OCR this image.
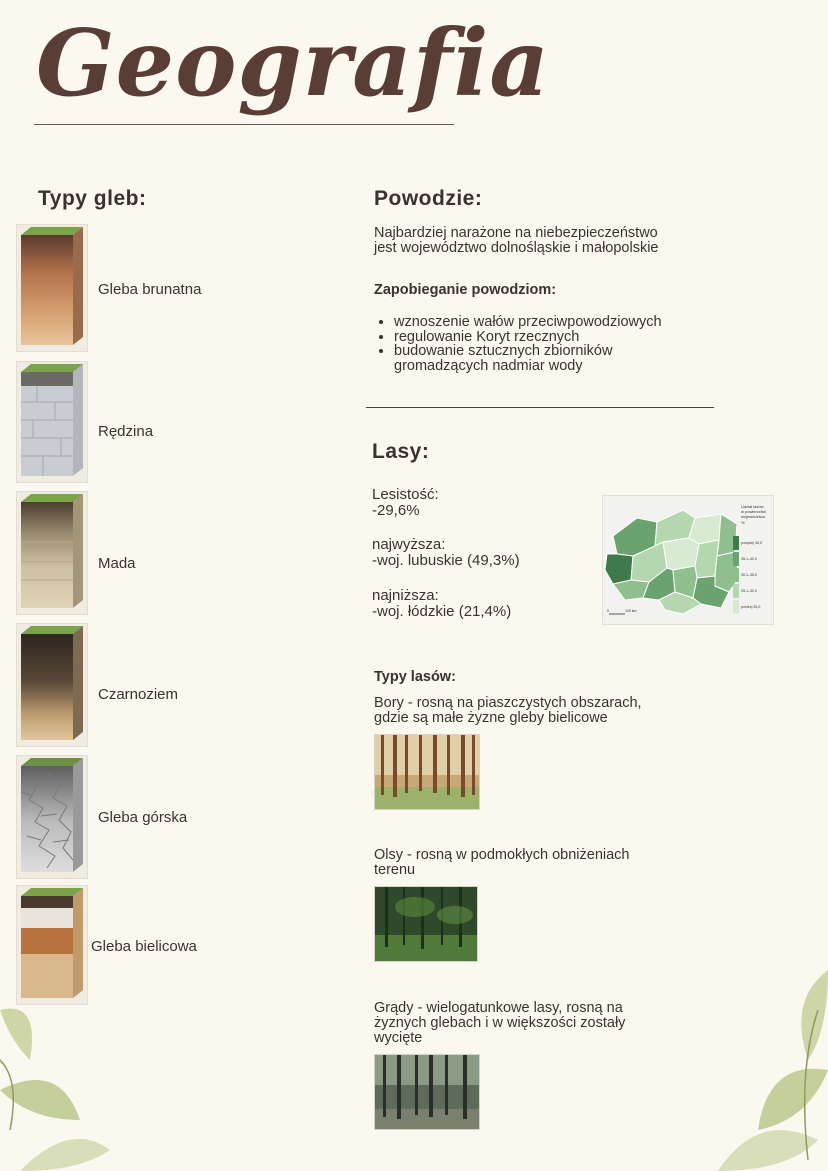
Geografia
Typy gleb:
Gleba brunatna
Rędzina
Mada
Czarnoziem
Gleba górska
Gleba bielicowa
Powodzie:
Najbardziej narażone na niebezpieczeństwo
jest województwo dolnośląskie i małopolskie
Zapobieganie powodziom:
• wznoszenie wałów przeciwpowodziowych
• regulowanie Koryt rzecznych
• budowanie sztucznych zbiorników gromadzących nadmiar wody
Lasy:
Lesistość:
-29,6%
najwyższa:
-woj. lubuskie (49,3%)
najniższa:
-woj. łódzkie (21,4%)
Udział lasów
w powierzchni
województwa
%
powyżej 40,0
35,1–40,0
30,1–35,0
25,1–30,0
poniżej 25,0
0	100 km
Typy lasów:
Bory - rosną na piaszczystych obszarach,
gdzie są małe żyzne gleby bielicowe
Olsy - rosną w podmokłych obniżeniach
terenu
Grądy - wielogatunkowe lasy, rosną na
żyznych glebach i w większości zostały
wycięte
